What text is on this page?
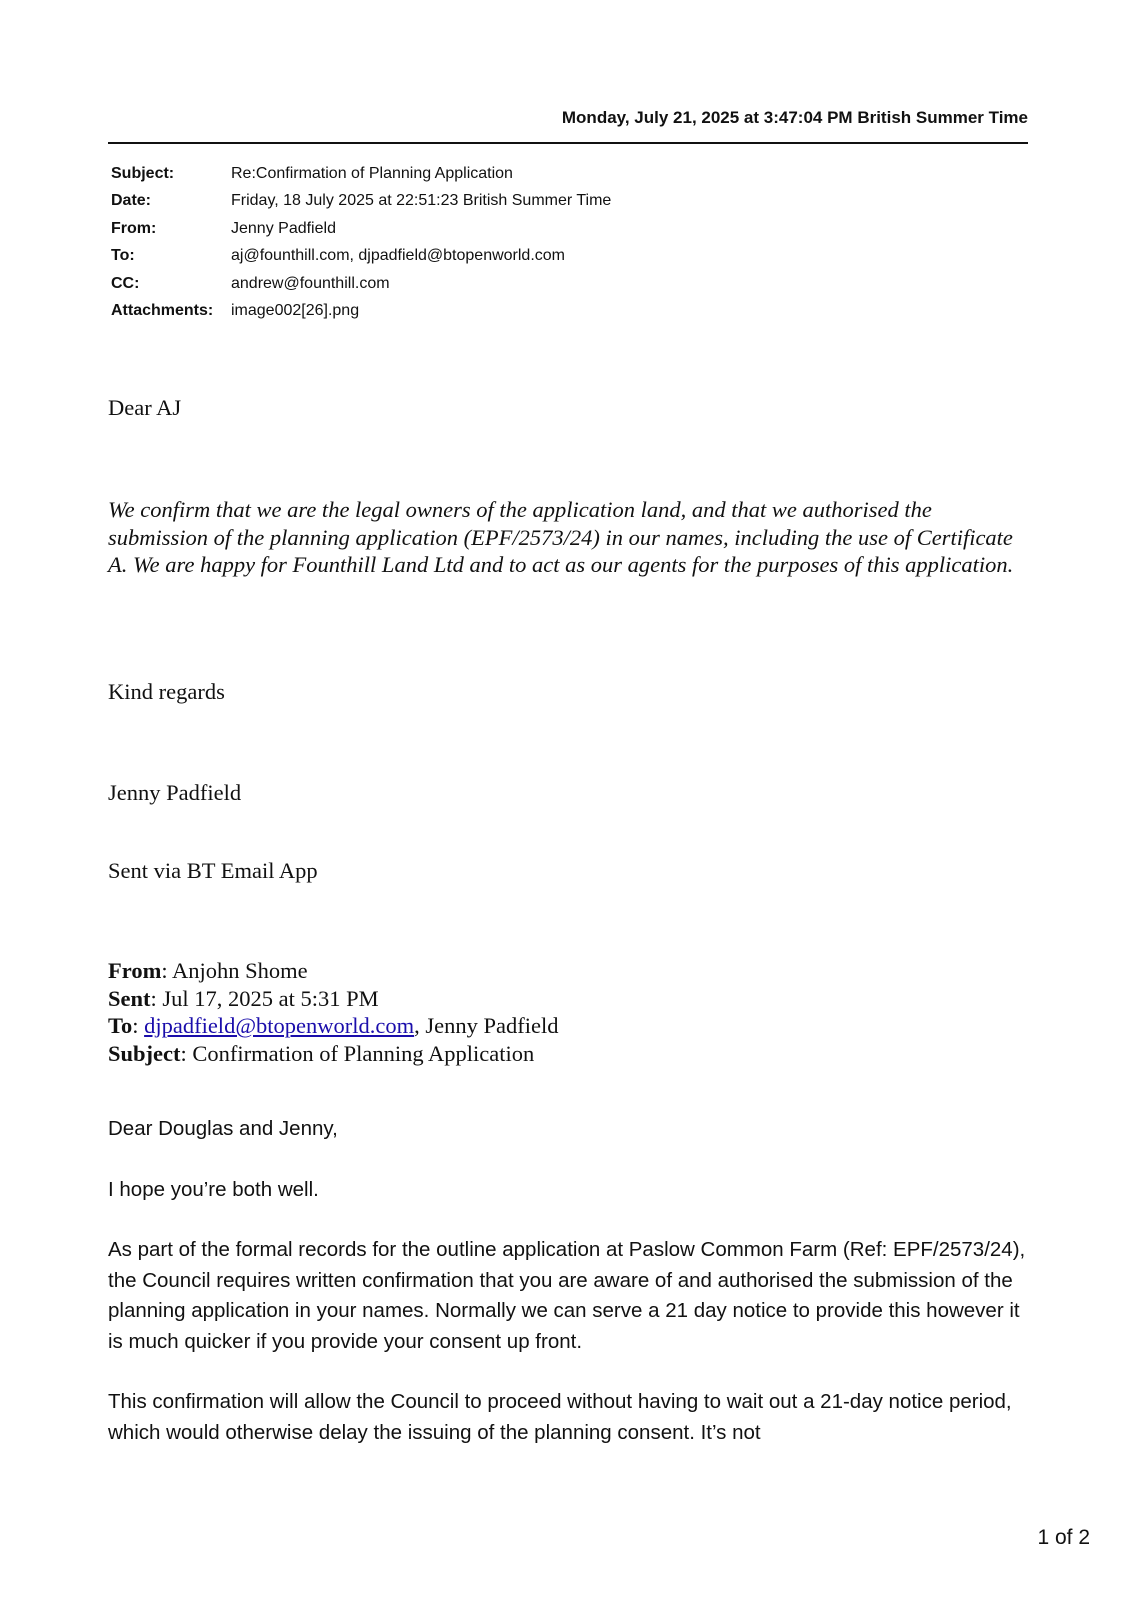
Monday, July 21, 2025 at 3:47:04 PM British Summer Time
Subject:	Re:Confirmation of Planning Application
Date:	Friday, 18 July 2025 at 22:51:23 British Summer Time
From:	Jenny Padfield
To:	aj@founthill.com, djpadfield@btopenworld.com
CC:	andrew@founthill.com
Attachments:	image002[26].png

Dear AJ

We confirm that we are the legal owners of the application land, and that we authorised the submission of the planning application (EPF/2573/24) in our names, including the use of Certificate A. We are happy for Founthill Land Ltd and to act as our agents for the purposes of this application.

Kind regards

Jenny Padfield

Sent via BT Email App

From: Anjohn Shome

Sent: Jul 17, 2025 at 5:31 PM

To: djpadfield@btopenworld.com, Jenny Padfield

Subject: Confirmation of Planning Application

Dear Douglas and Jenny,

I hope you’re both well.

As part of the formal records for the outline application at Paslow Common Farm (Ref: EPF/2573/24), the Council requires written confirmation that you are aware of and authorised the submission of the planning application in your names. Normally we can serve a 21 day notice to provide this however it is much quicker if you provide your consent up front.

This confirmation will allow the Council to proceed without having to wait out a 21-day notice period, which would otherwise delay the issuing of the planning consent. It’s not

1 of 2
